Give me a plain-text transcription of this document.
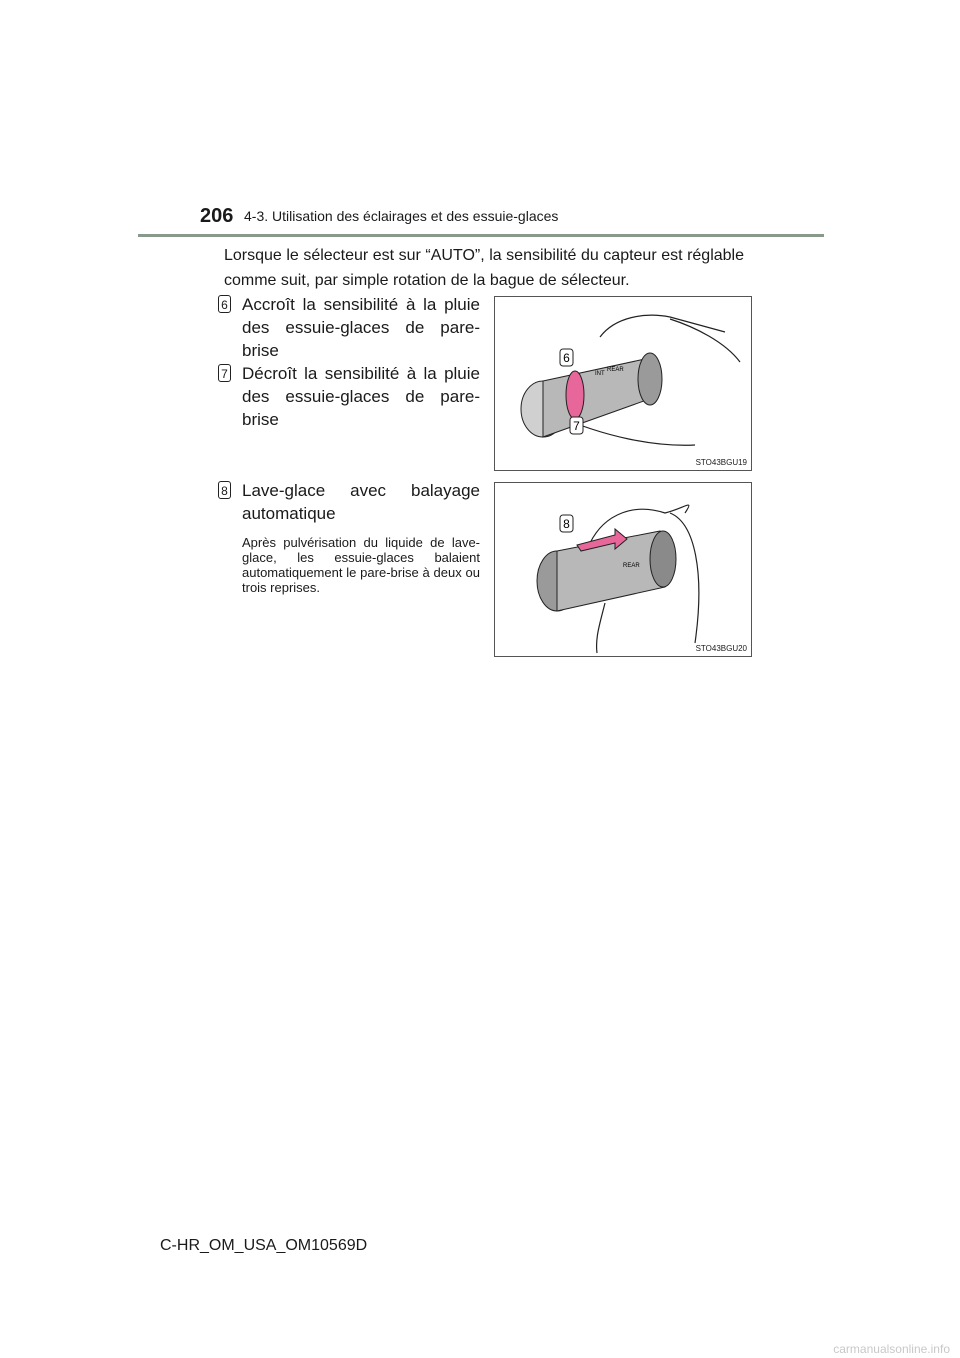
206 4-3. Utilisation des éclairages et des essuie-glaces
Lorsque le sélecteur est sur “AUTO”, la sensibilité du capteur est réglable comme suit, par simple rotation de la bague de sélecteur.
6 Accroît la sensibilité à la pluie des essuie-glaces de pare-brise
7 Décroît la sensibilité à la pluie des essuie-glaces de pare-brise
8 Lave-glace avec balayage automatique
Après pulvérisation du liquide de lave-glace, les essuie-glaces balaient automatiquement le pare-brise à deux ou trois reprises.
INT
REAR
6
7
STO43BGU19
REAR
8
STO43BGU20
C-HR_OM_USA_OM10569D
carmanualsonline.info
